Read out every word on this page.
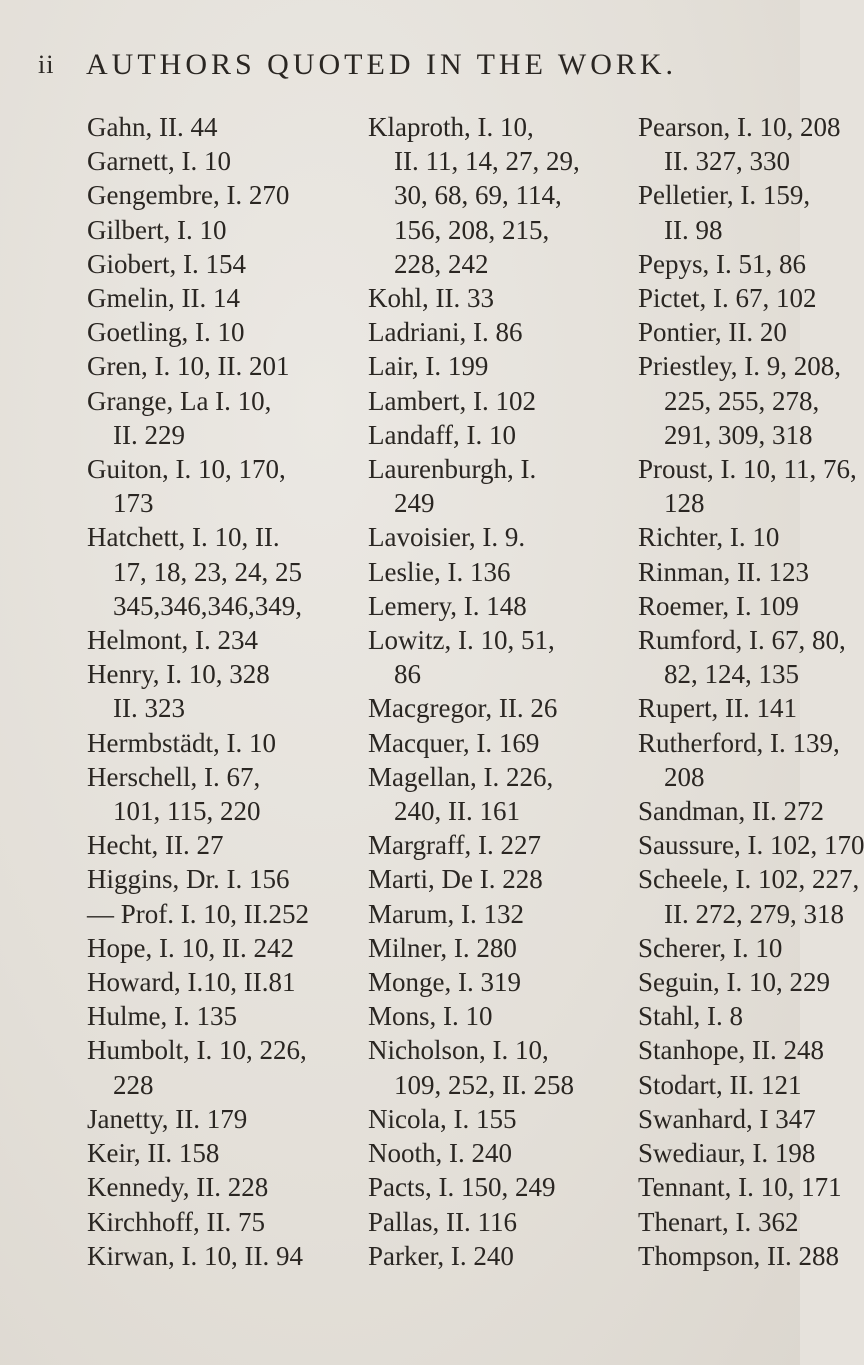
ii AUTHORS QUOTED IN THE WORK.
Gahn, II. 44
Garnett, I. 10
Gengembre, I. 270
Gilbert, I. 10
Giobert, I. 154
Gmelin, II. 14
Goetling, I. 10
Gren, I. 10, II. 201
Grange, La I. 10,
II. 229
Guiton, I. 10, 170,
173
Hatchett, I. 10, II.
17, 18, 23, 24, 25
345,346,346,349,
Helmont, I. 234
Henry, I. 10, 328
II. 323
Hermbstädt, I. 10
Herschell, I. 67,
101, 115, 220
Hecht, II. 27
Higgins, Dr. I. 156
— Prof. I. 10, II.252
Hope, I. 10, II. 242
Howard, I.10, II.81
Hulme, I. 135
Humbolt, I. 10, 226,
228
Janetty, II. 179
Keir, II. 158
Kennedy, II. 228
Kirchhoff, II. 75
Kirwan, I. 10, II. 94
Klaproth, I. 10,
II. 11, 14, 27, 29,
30, 68, 69, 114,
156, 208, 215,
228, 242
Kohl, II. 33
Ladriani, I. 86
Lair, I. 199
Lambert, I. 102
Landaff, I. 10
Laurenburgh, I.
249
Lavoisier, I. 9.
Leslie, I. 136
Lemery, I. 148
Lowitz, I. 10, 51,
86
Macgregor, II. 26
Macquer, I. 169
Magellan, I. 226,
240, II. 161
Margraff, I. 227
Marti, De I. 228
Marum, I. 132
Milner, I. 280
Monge, I. 319
Mons, I. 10
Nicholson, I. 10,
109, 252, II. 258
Nicola, I. 155
Nooth, I. 240
Pacts, I. 150, 249
Pallas, II. 116
Parker, I. 240
Pearson, I. 10, 208
II. 327, 330
Pelletier, I. 159,
II. 98
Pepys, I. 51, 86
Pictet, I. 67, 102
Pontier, II. 20
Priestley, I. 9, 208,
225, 255, 278,
291, 309, 318
Proust, I. 10, 11, 76,
128
Richter, I. 10
Rinman, II. 123
Roemer, I. 109
Rumford, I. 67, 80,
82, 124, 135
Rupert, II. 141
Rutherford, I. 139,
208
Sandman, II. 272
Saussure, I. 102, 170
Scheele, I. 102, 227,
II. 272, 279, 318
Scherer, I. 10
Seguin, I. 10, 229
Stahl, I. 8
Stanhope, II. 248
Stodart, II. 121
Swanhard, I 347
Swediaur, I. 198
Tennant, I. 10, 171
Thenart, I. 362
Thompson, II. 288
